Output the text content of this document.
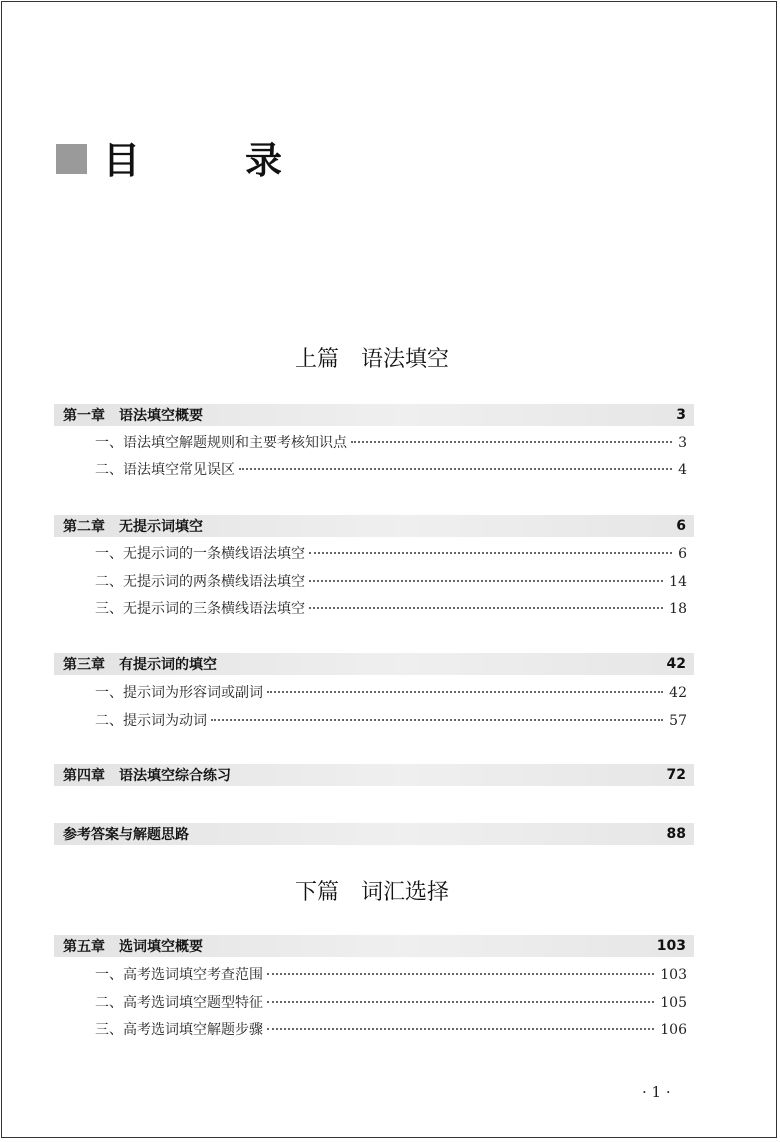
目　录
上篇　语法填空
第一章　语法填空概要	3
一、语法填空解题规则和主要考核知识点	3
二、语法填空常见误区	4
第二章　无提示词填空	6
一、无提示词的一条横线语法填空	6
二、无提示词的两条横线语法填空	14
三、无提示词的三条横线语法填空	18
第三章　有提示词的填空	42
一、提示词为形容词或副词	42
二、提示词为动词	57
第四章　语法填空综合练习	72
参考答案与解题思路	88
下篇　词汇选择
第五章　选词填空概要	103
一、高考选词填空考查范围	103
二、高考选词填空题型特征	105
三、高考选词填空解题步骤	106
· 1 ·
